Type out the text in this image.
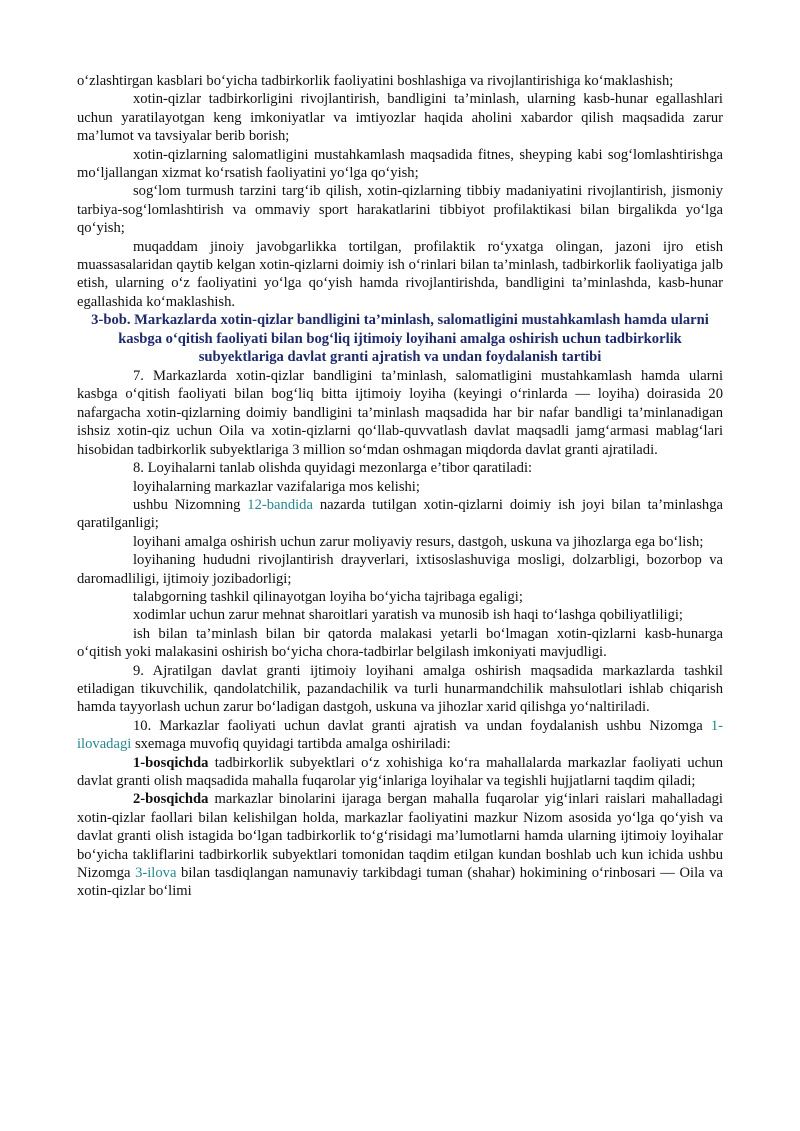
o‘zlashtirgan kasblari bo‘yicha tadbirkorlik faoliyatini boshlashiga va rivojlantirishiga ko‘maklashish;

xotin-qizlar tadbirkorligini rivojlantirish, bandligini ta’minlash, ularning kasb-hunar egallashlari uchun yaratilayotgan keng imkoniyatlar va imtiyozlar haqida aholini xabardor qilish maqsadida zarur ma’lumot va tavsiyalar berib borish;

xotin-qizlarning salomatligini mustahkamlash maqsadida fitnes, sheyping kabi sog‘lomlashtirishga mo‘ljallangan xizmat ko‘rsatish faoliyatini yo‘lga qo‘yish;

sog‘lom turmush tarzini targ‘ib qilish, xotin-qizlarning tibbiy madaniyatini rivojlantirish, jismoniy tarbiya-sog‘lomlashtirish va ommaviy sport harakatlarini tibbiyot profilaktikasi bilan birgalikda yo‘lga qo‘yish;

muqaddam jinoiy javobgarlikka tortilgan, profilaktik ro‘yxatga olingan, jazoni ijro etish muassasalaridan qaytib kelgan xotin-qizlarni doimiy ish o‘rinlari bilan ta’minlash, tadbirkorlik faoliyatiga jalb etish, ularning o‘z faoliyatini yo‘lga qo‘yish hamda rivojlantirishda, bandligini ta’minlashda, kasb-hunar egallashida ko‘maklashish.

3-bob. Markazlarda xotin-qizlar bandligini ta’minlash, salomatligini mustahkamlash hamda ularni kasbga o‘qitish faoliyati bilan bog‘liq ijtimoiy loyihani amalga oshirish uchun tadbirkorlik subyektlariga davlat granti ajratish va undan foydalanish tartibi

7. Markazlarda xotin-qizlar bandligini ta’minlash, salomatligini mustahkamlash hamda ularni kasbga o‘qitish faoliyati bilan bog‘liq bitta ijtimoiy loyiha (keyingi o‘rinlarda — loyiha) doirasida 20 nafargacha xotin-qizlarning doimiy bandligini ta’minlash maqsadida har bir nafar bandligi ta’minlanadigan ishsiz xotin-qiz uchun Oila va xotin-qizlarni qo‘llab-quvvatlash davlat maqsadli jamg‘armasi mablag‘lari hisobidan tadbirkorlik subyektlariga 3 million so‘mdan oshmagan miqdorda davlat granti ajratiladi.

8. Loyihalarni tanlab olishda quyidagi mezonlarga e’tibor qaratiladi:

loyihalarning markazlar vazifalariga mos kelishi;

ushbu Nizomning 12-bandida nazarda tutilgan xotin-qizlarni doimiy ish joyi bilan ta’minlashga qaratilganligi;

loyihani amalga oshirish uchun zarur moliyaviy resurs, dastgoh, uskuna va jihozlarga ega bo‘lish;

loyihaning hududni rivojlantirish drayverlari, ixtisoslashuviga mosligi, dolzarbligi, bozorbop va daromadliligi, ijtimoiy jozibadorligi;

talabgorning tashkil qilinayotgan loyiha bo‘yicha tajribaga egaligi;

xodimlar uchun zarur mehnat sharoitlari yaratish va munosib ish haqi to‘lashga qobiliyatliligi;

ish bilan ta’minlash bilan bir qatorda malakasi yetarli bo‘lmagan xotin-qizlarni kasb-hunarga o‘qitish yoki malakasini oshirish bo‘yicha chora-tadbirlar belgilash imkoniyati mavjudligi.

9. Ajratilgan davlat granti ijtimoiy loyihani amalga oshirish maqsadida markazlarda tashkil etiladigan tikuvchilik, qandolatchilik, pazandachilik va turli hunarmandchilik mahsulotlari ishlab chiqarish hamda tayyorlash uchun zarur bo‘ladigan dastgoh, uskuna va jihozlar xarid qilishga yo‘naltiriladi.

10. Markazlar faoliyati uchun davlat granti ajratish va undan foydalanish ushbu Nizomga 1-ilovadagi sxemaga muvofiq quyidagi tartibda amalga oshiriladi:

1-bosqichda tadbirkorlik subyektlari o‘z xohishiga ko‘ra mahallalarda markazlar faoliyati uchun davlat granti olish maqsadida mahalla fuqarolar yig‘inlariga loyihalar va tegishli hujjatlarni taqdim qiladi;

2-bosqichda markazlar binolarini ijaraga bergan mahalla fuqarolar yig‘inlari raislari mahalladagi xotin-qizlar faollari bilan kelishilgan holda, markazlar faoliyatini mazkur Nizom asosida yo‘lga qo‘yish va davlat granti olish istagida bo‘lgan tadbirkorlik to‘g‘risidagi ma’lumotlarni hamda ularning ijtimoiy loyihalar bo‘yicha takliflarini tadbirkorlik subyektlari tomonidan taqdim etilgan kundan boshlab uch kun ichida ushbu Nizomga 3-ilova bilan tasdiqlangan namunaviy tarkibdagi tuman (shahar) hokimining o‘rinbosari — Oila va xotin-qizlar bo‘limi
